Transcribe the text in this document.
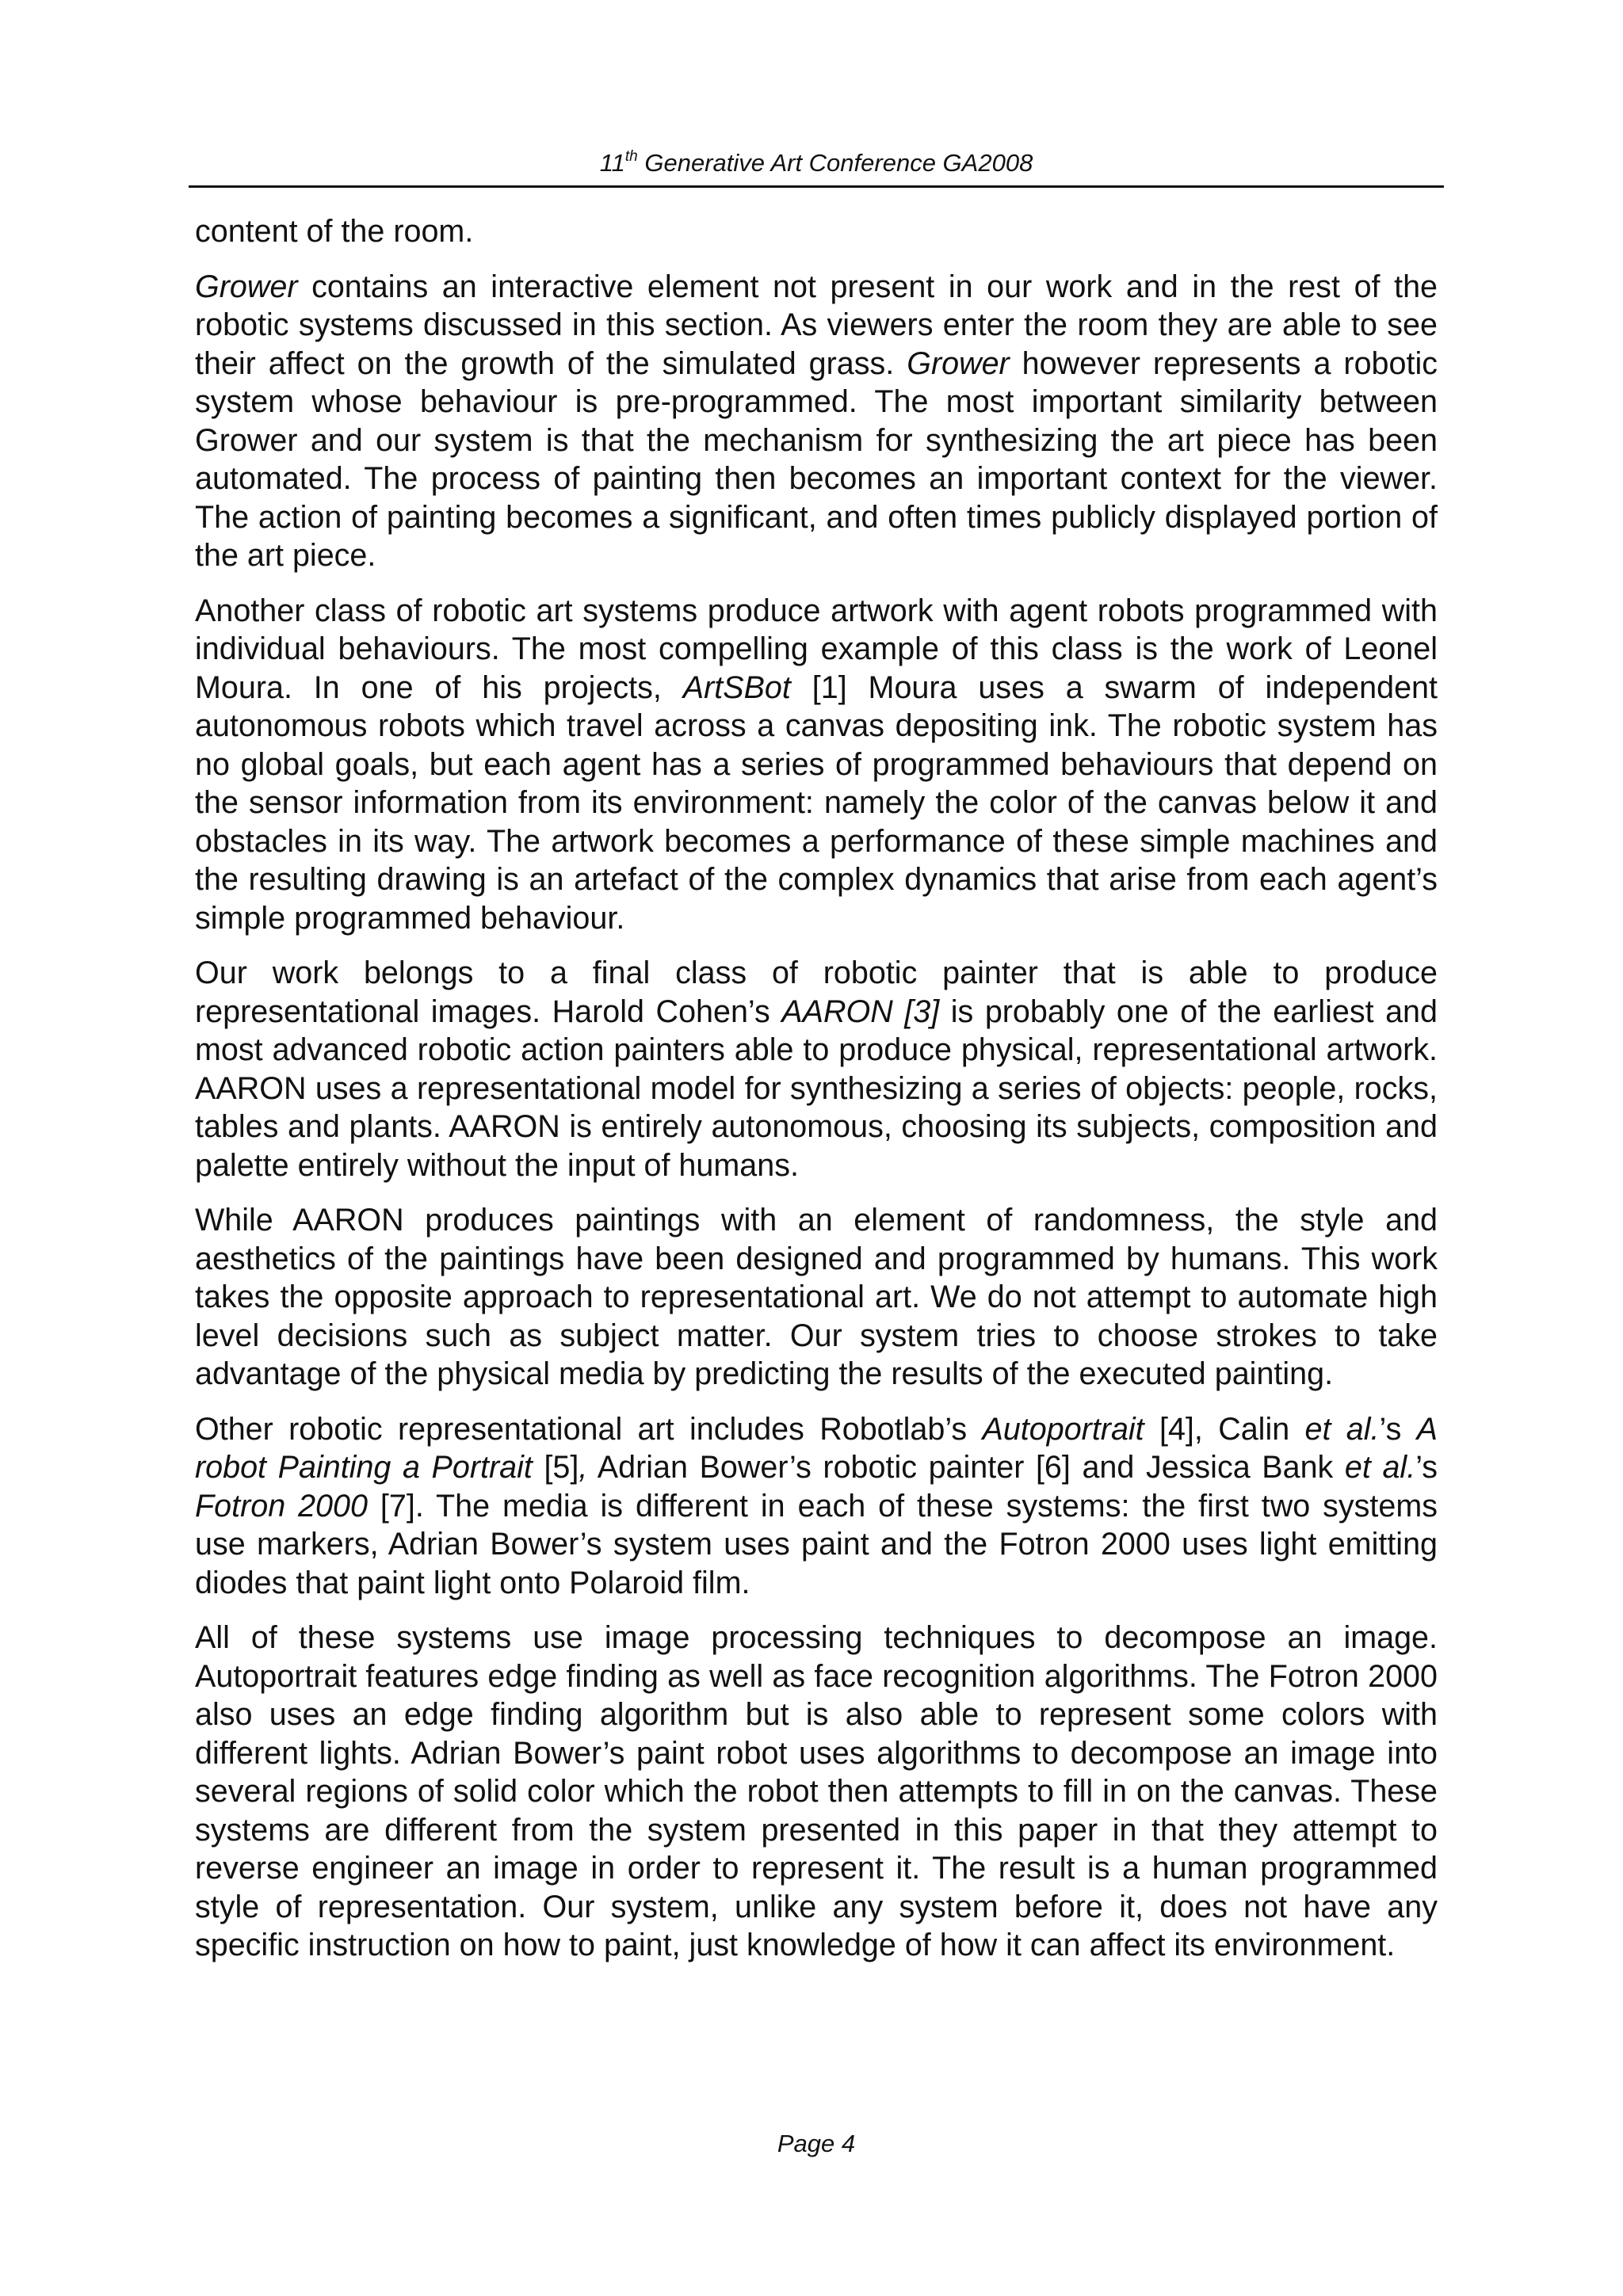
11th Generative Art Conference GA2008

content of the room.

Grower contains an interactive element not present in our work and in the rest of the robotic systems discussed in this section. As viewers enter the room they are able to see their affect on the growth of the simulated grass. Grower however represents a robotic system whose behaviour is pre-programmed. The most important similarity between Grower and our system is that the mechanism for synthesizing the art piece has been automated. The process of painting then becomes an important context for the viewer. The action of painting becomes a significant, and often times publicly displayed portion of the art piece.

Another class of robotic art systems produce artwork with agent robots programmed with individual behaviours. The most compelling example of this class is the work of Leonel Moura. In one of his projects, ArtSBot [1] Moura uses a swarm of independent autonomous robots which travel across a canvas depositing ink. The robotic system has no global goals, but each agent has a series of programmed behaviours that depend on the sensor information from its environment: namely the color of the canvas below it and obstacles in its way. The artwork becomes a performance of these simple machines and the resulting drawing is an artefact of the complex dynamics that arise from each agent’s simple programmed behaviour.

Our work belongs to a final class of robotic painter that is able to produce representational images. Harold Cohen’s AARON [3] is probably one of the earliest and most advanced robotic action painters able to produce physical, representational artwork. AARON uses a representational model for synthesizing a series of objects: people, rocks, tables and plants. AARON is entirely autonomous, choosing its subjects, composition and palette entirely without the input of humans.

While AARON produces paintings with an element of randomness, the style and aesthetics of the paintings have been designed and programmed by humans. This work takes the opposite approach to representational art. We do not attempt to automate high level decisions such as subject matter. Our system tries to choose strokes to take advantage of the physical media by predicting the results of the executed painting.

Other robotic representational art includes Robotlab’s Autoportrait [4], Calin et al.’s A robot Painting a Portrait [5], Adrian Bower’s robotic painter [6] and Jessica Bank et al.’s Fotron 2000 [7]. The media is different in each of these systems: the first two systems use markers, Adrian Bower’s system uses paint and the Fotron 2000 uses light emitting diodes that paint light onto Polaroid film.

All of these systems use image processing techniques to decompose an image. Autoportrait features edge finding as well as face recognition algorithms. The Fotron 2000 also uses an edge finding algorithm but is also able to represent some colors with different lights. Adrian Bower’s paint robot uses algorithms to decompose an image into several regions of solid color which the robot then attempts to fill in on the canvas. These systems are different from the system presented in this paper in that they attempt to reverse engineer an image in order to represent it. The result is a human programmed style of representation. Our system, unlike any system before it, does not have any specific instruction on how to paint, just knowledge of how it can affect its environment.

Page 4
